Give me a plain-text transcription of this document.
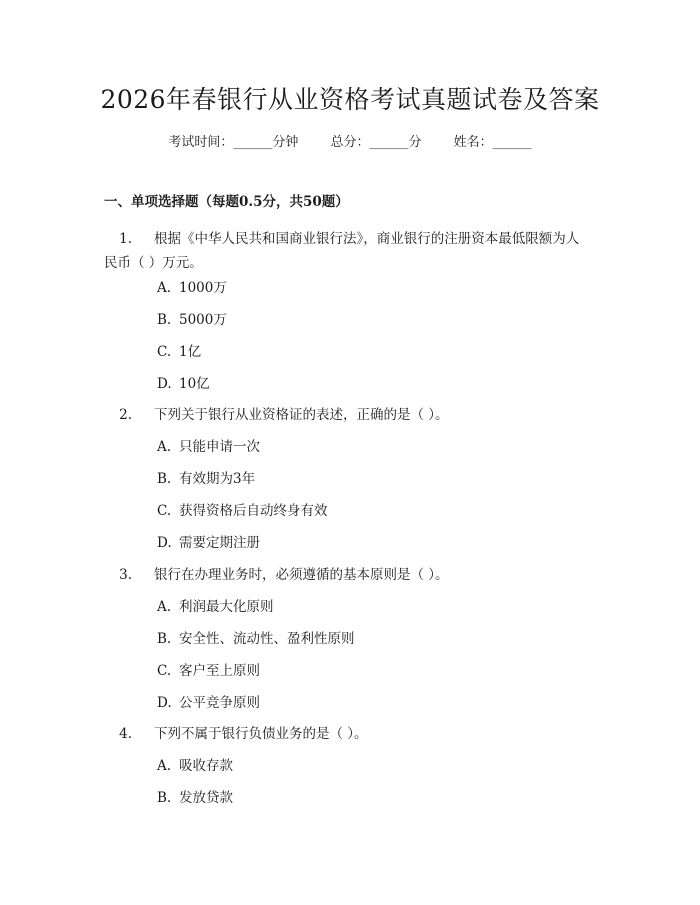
2026年春银行从业资格考试真题试卷及答案
考试时间：______分钟 总分：______分 姓名：______
一、单项选择题（每题0.5分，共50题）
1. 根据《中华人民共和国商业银行法》，商业银行的注册资本最低限额为人
民币（ ）万元。
A. 1000万
B. 5000万
C. 1亿
D. 10亿
2. 下列关于银行从业资格证的表述，正确的是（ ）。
A. 只能申请一次
B. 有效期为3年
C. 获得资格后自动终身有效
D. 需要定期注册
3. 银行在办理业务时，必须遵循的基本原则是（ ）。
A. 利润最大化原则
B. 安全性、流动性、盈利性原则
C. 客户至上原则
D. 公平竞争原则
4. 下列不属于银行负债业务的是（ ）。
A. 吸收存款
B. 发放贷款
